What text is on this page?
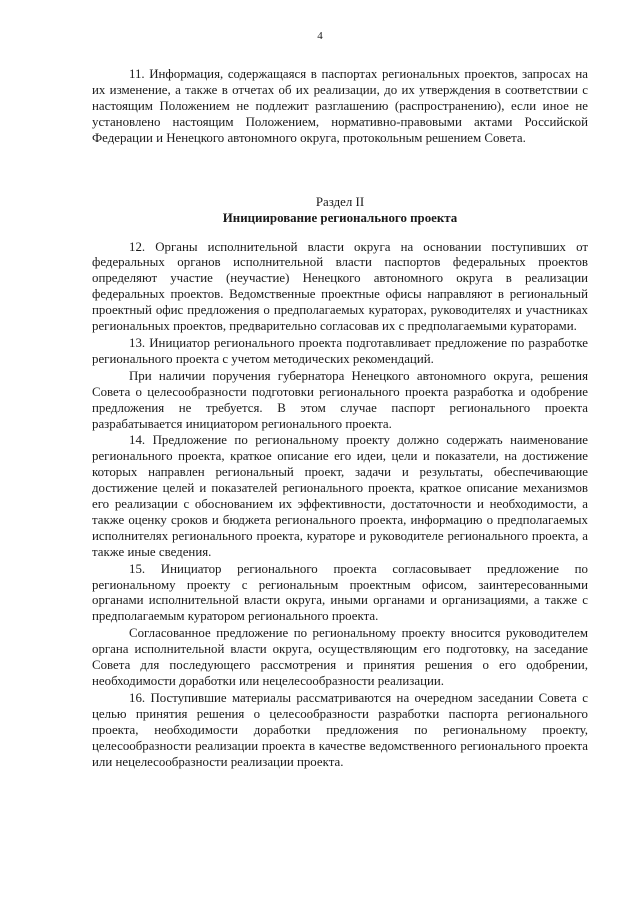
4

11. Информация, содержащаяся в паспортах региональных проектов, запросах на их изменение, а также в отчетах об их реализации, до их утверждения в соответствии с настоящим Положением не подлежит разглашению (распространению), если иное не установлено настоящим Положением, нормативно-правовыми актами Российской Федерации и Ненецкого автономного округа, протокольным решением Совета.

Раздел II
Инициирование регионального проекта

12. Органы исполнительной власти округа на основании поступивших от федеральных органов исполнительной власти паспортов федеральных проектов определяют участие (неучастие) Ненецкого автономного округа в реализации федеральных проектов. Ведомственные проектные офисы направляют в региональный проектный офис предложения о предполагаемых кураторах, руководителях и участниках региональных проектов, предварительно согласовав их с предполагаемыми кураторами.

13. Инициатор регионального проекта подготавливает предложение по разработке регионального проекта с учетом методических рекомендаций.

При наличии поручения губернатора Ненецкого автономного округа, решения Совета о целесообразности подготовки регионального проекта разработка и одобрение предложения не требуется. В этом случае паспорт регионального проекта разрабатывается инициатором регионального проекта.

14. Предложение по региональному проекту должно содержать наименование регионального проекта, краткое описание его идеи, цели и показатели, на достижение которых направлен региональный проект, задачи и результаты, обеспечивающие достижение целей и показателей регионального проекта, краткое описание механизмов его реализации с обоснованием их эффективности, достаточности и необходимости, а также оценку сроков и бюджета регионального проекта, информацию о предполагаемых исполнителях регионального проекта, кураторе и руководителе регионального проекта, а также иные сведения.

15. Инициатор регионального проекта согласовывает предложение по региональному проекту с региональным проектным офисом, заинтересованными органами исполнительной власти округа, иными органами и организациями, а также с предполагаемым куратором регионального проекта.

Согласованное предложение по региональному проекту вносится руководителем органа исполнительной власти округа, осуществляющим его подготовку, на заседание Совета для последующего рассмотрения и принятия решения о его одобрении, необходимости доработки или нецелесообразности реализации.

16. Поступившие материалы рассматриваются на очередном заседании Совета с целью принятия решения о целесообразности разработки паспорта регионального проекта, необходимости доработки предложения по региональному проекту, целесообразности реализации проекта в качестве ведомственного регионального проекта или нецелесообразности реализации проекта.
